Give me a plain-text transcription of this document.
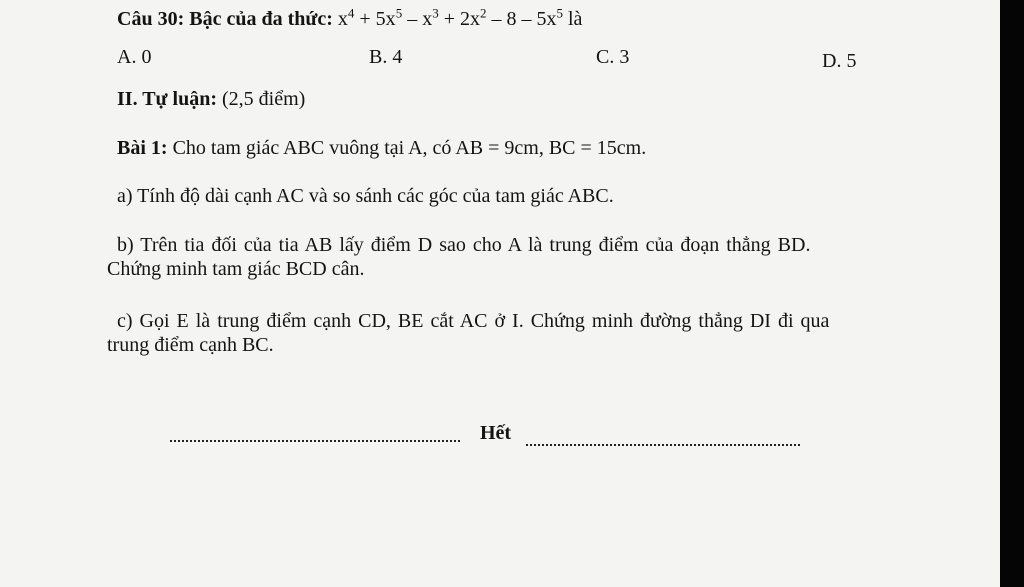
Câu 30: Bậc của đa thức: $x^4 + 5x^5 - x^3 + 2x^2 - 8 - 5x^5$ là
A. 0	B. 4	C. 3	D. 5
II. Tự luận: (2,5 điểm)
Bài 1: Cho tam giác ABC vuông tại A, có AB = 9cm, BC = 15cm.
a) Tính độ dài cạnh AC và so sánh các góc của tam giác ABC.
b) Trên tia đối của tia AB lấy điểm D sao cho A là trung điểm của đoạn thẳng BD.
Chứng minh tam giác BCD cân.
c) Gọi E là trung điểm cạnh CD, BE cắt AC ở I. Chứng minh đường thẳng DI đi qua
trung điểm cạnh BC.
Hết
